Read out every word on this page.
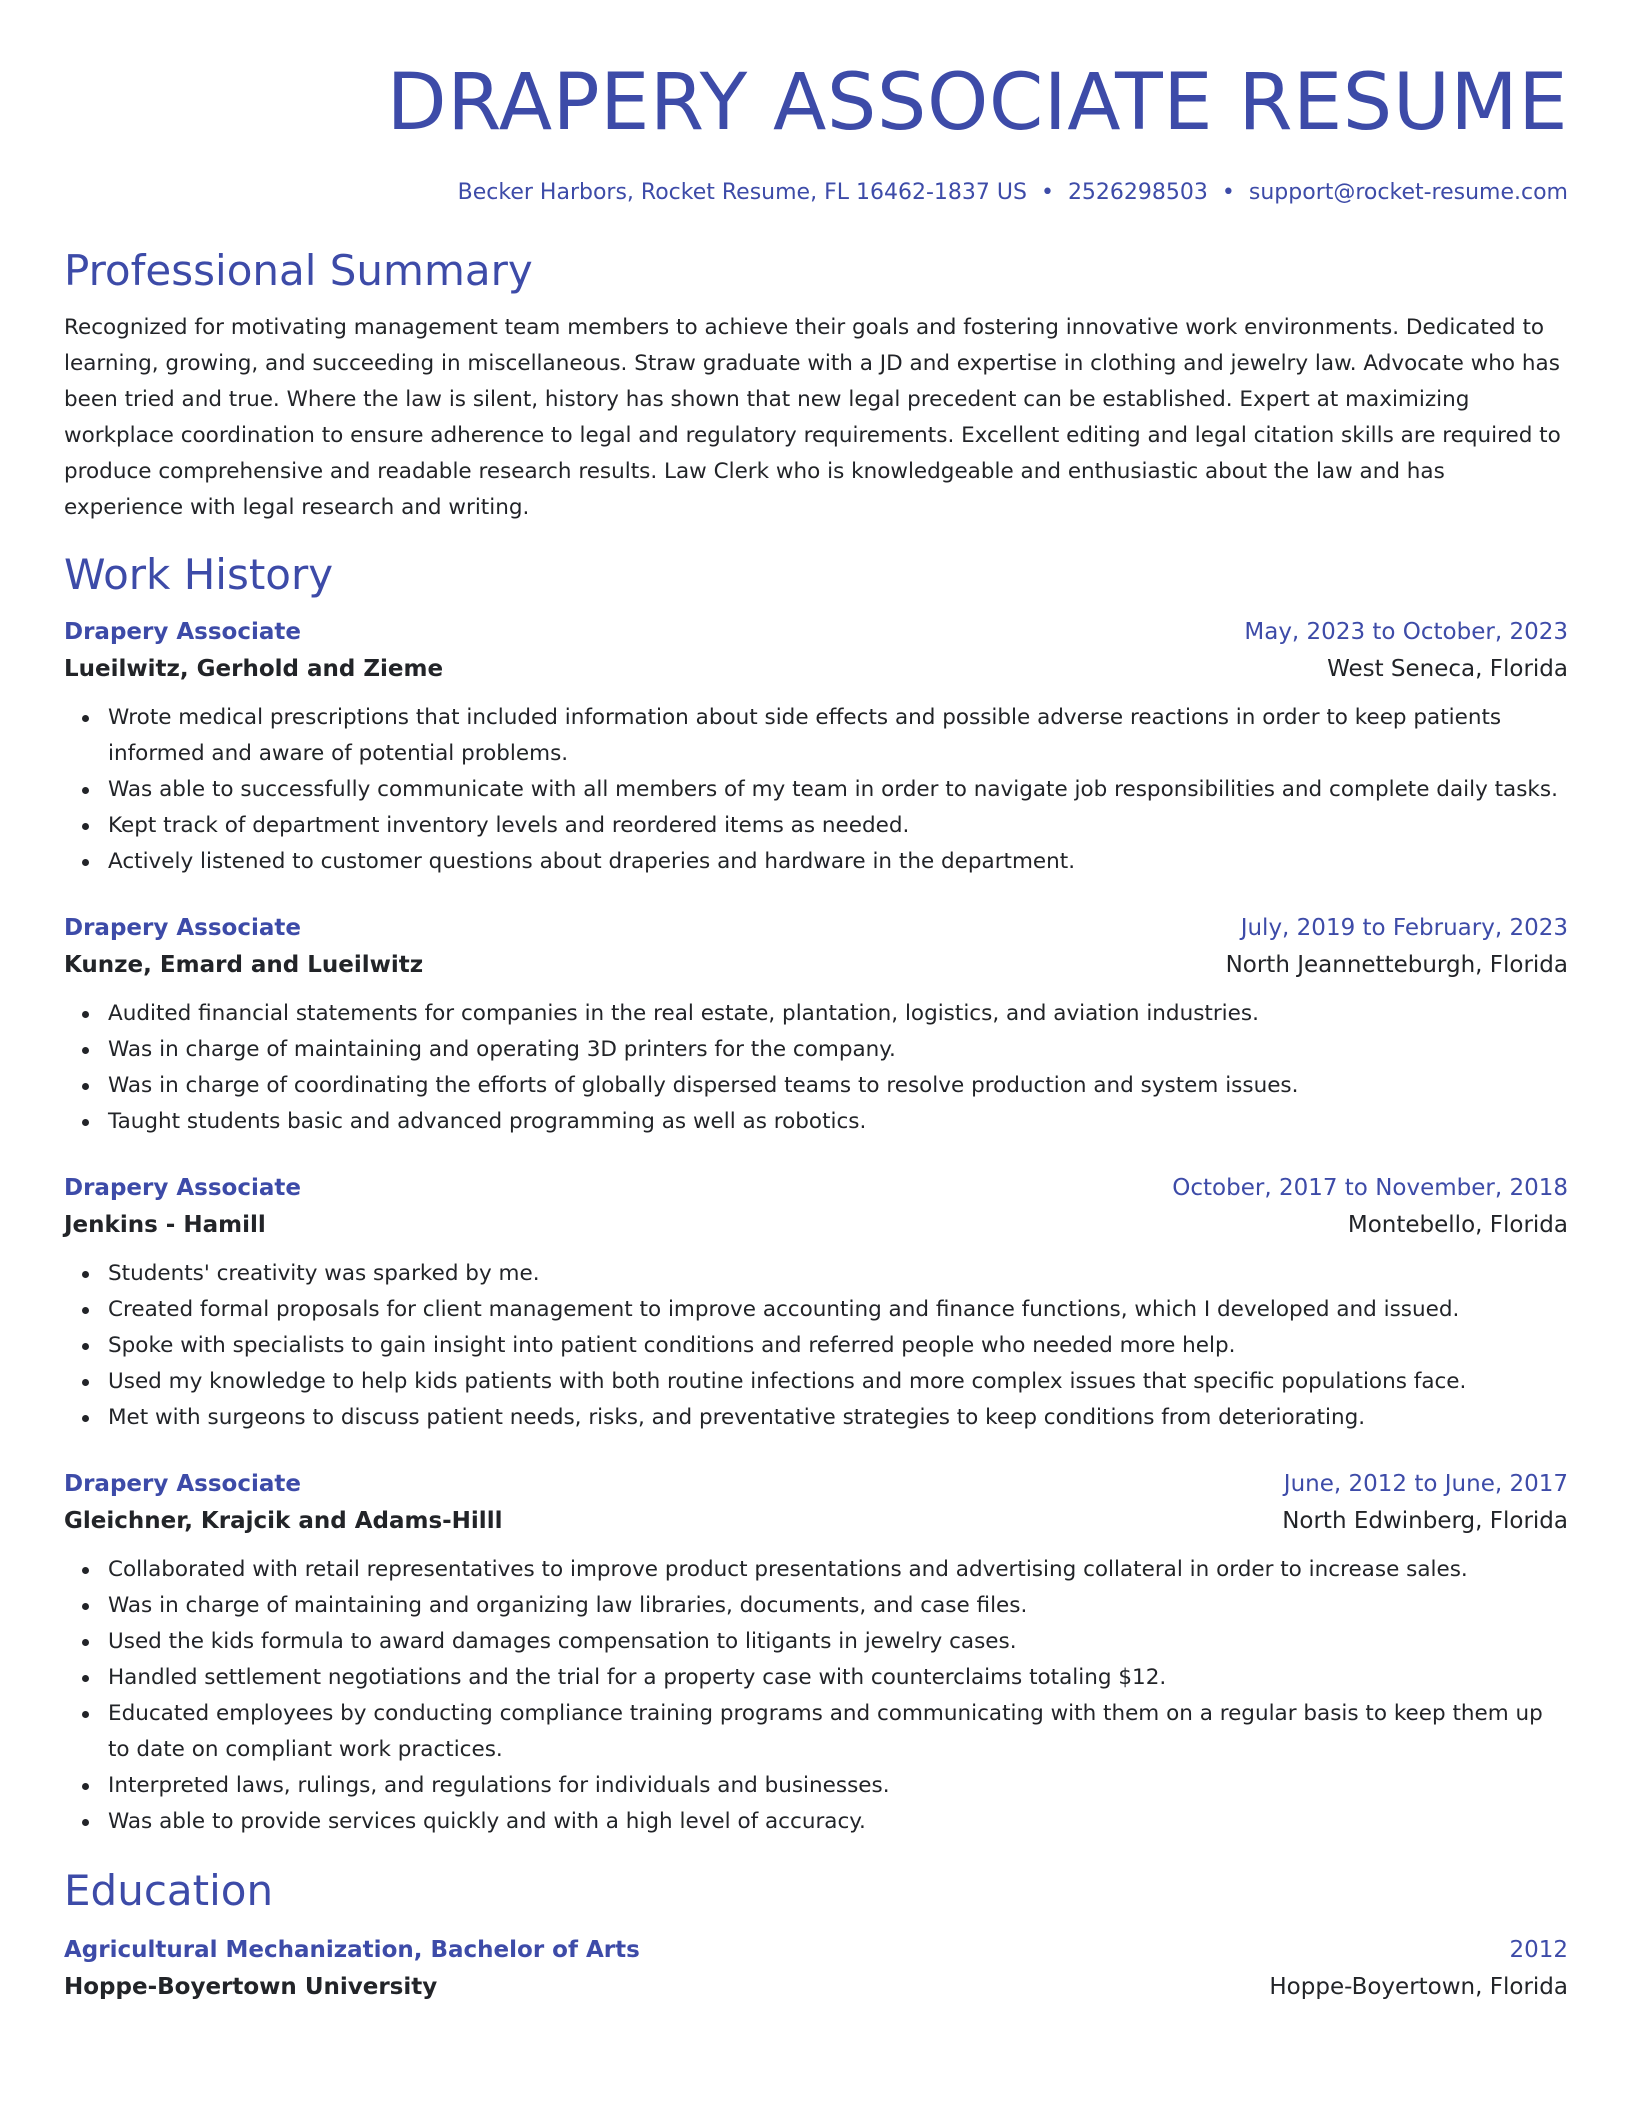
DRAPERY ASSOCIATE RESUME
Becker Harbors, Rocket Resume, FL 16462-1837 US • 2526298503 • support@rocket-resume.com
Professional Summary

Recognized for motivating management team members to achieve their goals and fostering innovative work environments. Dedicated to learning, growing, and succeeding in miscellaneous. Straw graduate with a JD and expertise in clothing and jewelry law. Advocate who has been tried and true. Where the law is silent, history has shown that new legal precedent can be established. Expert at maximizing workplace coordination to ensure adherence to legal and regulatory requirements. Excellent editing and legal citation skills are required to produce comprehensive and readable research results. Law Clerk who is knowledgeable and enthusiastic about the law and has experience with legal research and writing.

Work History
Drapery Associate	May, 2023 to October, 2023
Lueilwitz, Gerhold and Zieme	West Seneca, Florida
Wrote medical prescriptions that included information about side effects and possible adverse reactions in order to keep patients informed and aware of potential problems.
Was able to successfully communicate with all members of my team in order to navigate job responsibilities and complete daily tasks.
Kept track of department inventory levels and reordered items as needed.
Actively listened to customer questions about draperies and hardware in the department.
Drapery Associate	July, 2019 to February, 2023
Kunze, Emard and Lueilwitz	North Jeannetteburgh, Florida
Audited financial statements for companies in the real estate, plantation, logistics, and aviation industries.
Was in charge of maintaining and operating 3D printers for the company.
Was in charge of coordinating the efforts of globally dispersed teams to resolve production and system issues.
Taught students basic and advanced programming as well as robotics.
Drapery Associate	October, 2017 to November, 2018
Jenkins - Hamill	Montebello, Florida
Students' creativity was sparked by me.
Created formal proposals for client management to improve accounting and finance functions, which I developed and issued.
Spoke with specialists to gain insight into patient conditions and referred people who needed more help.
Used my knowledge to help kids patients with both routine infections and more complex issues that specific populations face.
Met with surgeons to discuss patient needs, risks, and preventative strategies to keep conditions from deteriorating.
Drapery Associate	June, 2012 to June, 2017
Gleichner, Krajcik and Adams-Hilll	North Edwinberg, Florida
Collaborated with retail representatives to improve product presentations and advertising collateral in order to increase sales.
Was in charge of maintaining and organizing law libraries, documents, and case files.
Used the kids formula to award damages compensation to litigants in jewelry cases.
Handled settlement negotiations and the trial for a property case with counterclaims totaling $12.
Educated employees by conducting compliance training programs and communicating with them on a regular basis to keep them up to date on compliant work practices.
Interpreted laws, rulings, and regulations for individuals and businesses.
Was able to provide services quickly and with a high level of accuracy.
Education
Agricultural Mechanization, Bachelor of Arts	2012
Hoppe-Boyertown University	Hoppe-Boyertown, Florida
